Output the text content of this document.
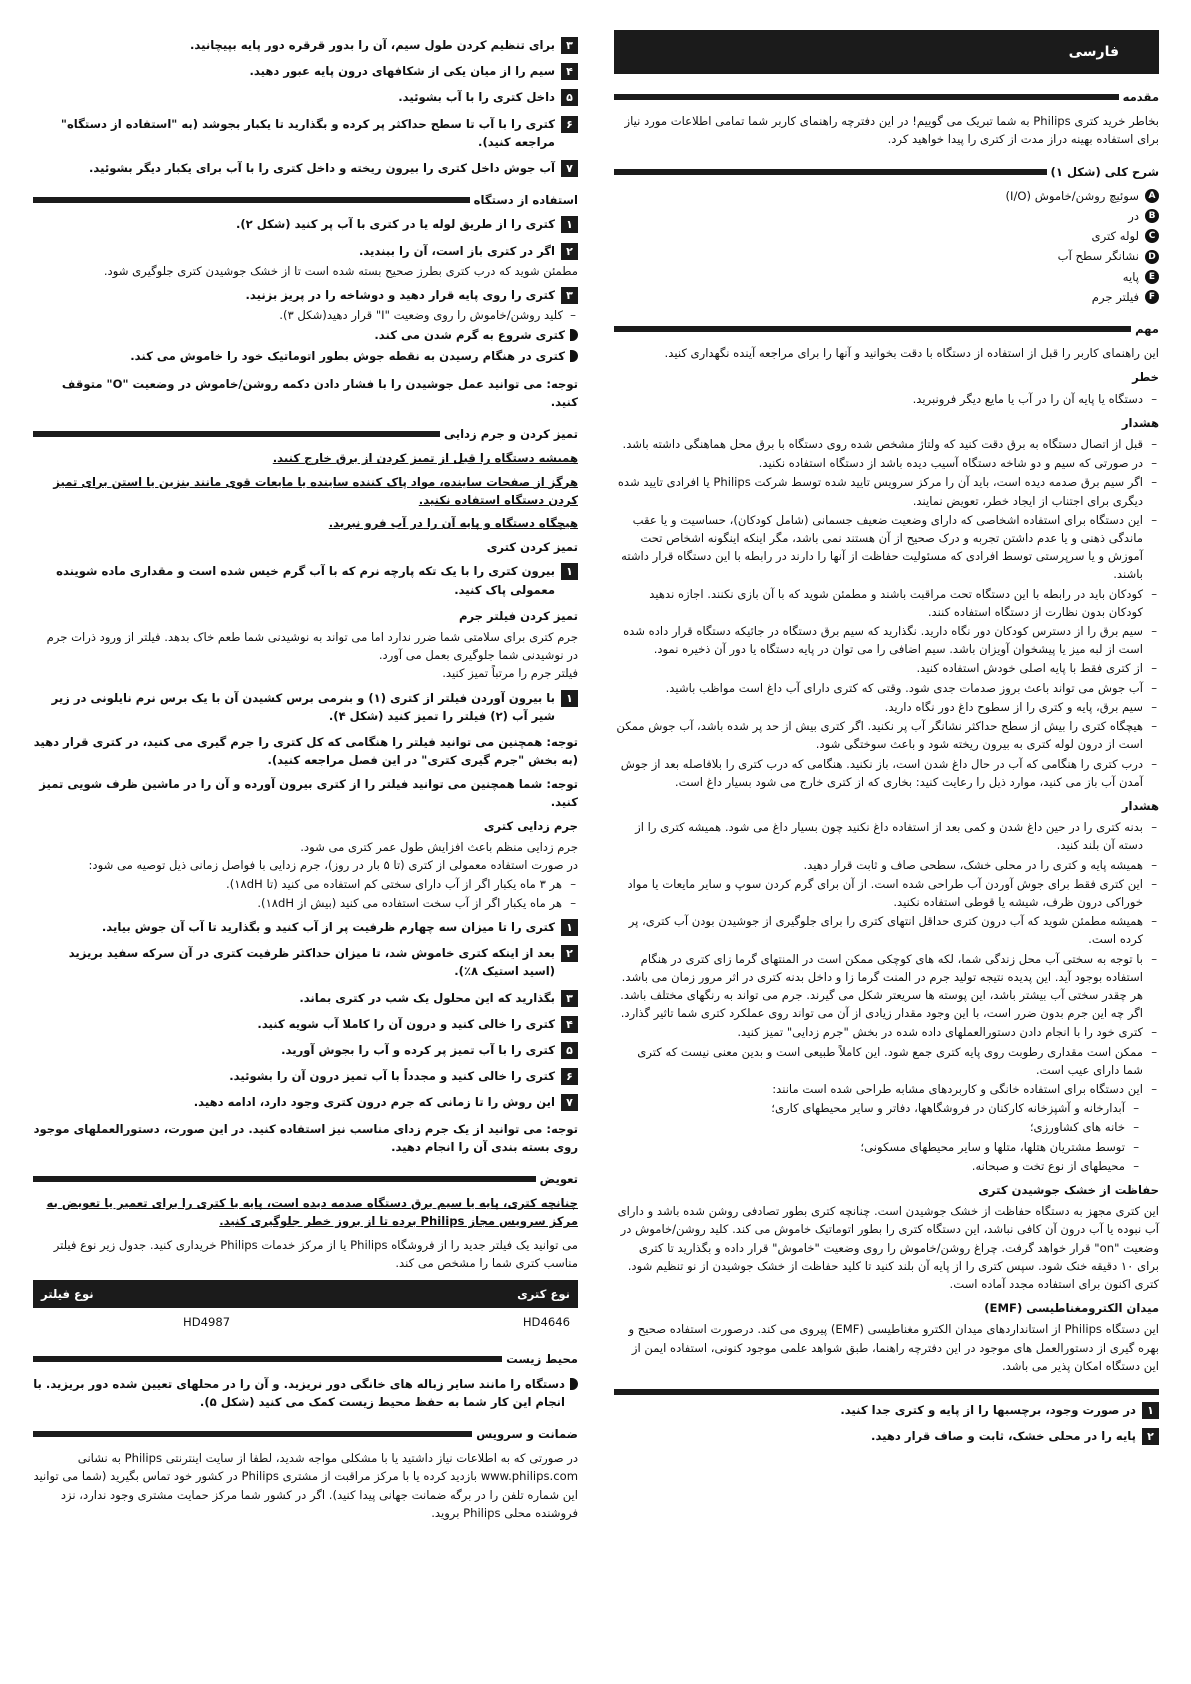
فارسی
مقدمه

بخاطر خرید کتری Philips به شما تبریک می گوییم! در این دفترچه راهنمای کاربر شما تمامی اطلاعات مورد نیاز برای استفاده بهینه دراز مدت از کتری را پیدا خواهید کرد.

شرح کلی (شکل ۱)
A
سوئیچ روشن/خاموش (I/O)
B
در
C
لوله کتری
D
نشانگر سطح آب
E
پایه
F
فیلتر جرم
مهم

این راهنمای کاربر را قبل از استفاده از دستگاه با دقت بخوانید و آنها را برای مراجعه آینده نگهداری کنید.

خطر
– دستگاه یا پایه آن را در آب یا مایع دیگر فرونبرید.
هشدار
– قبل از اتصال دستگاه به برق دقت کنید که ولتاژ مشخص شده روی دستگاه با برق محل هماهنگی داشته باشد.
– در صورتی که سیم و دو شاخه دستگاه آسیب دیده باشد از دستگاه استفاده نکنید.
– اگر سیم برق صدمه دیده است، باید آن را مرکز سرویس تایید شده توسط شرکت Philips یا افرادی تایید شده دیگری برای اجتناب از ایجاد خطر، تعویض نمایند.
– این دستگاه برای استفاده اشخاصی که دارای وضعیت ضعیف جسمانی (شامل کودکان)، حساسیت و یا عقب ماندگی ذهنی و یا عدم داشتن تجربه و درک صحیح از آن هستند نمی باشد، مگر اینکه اینگونه اشخاص تحت آموزش و یا سرپرستی توسط افرادی که مسئولیت حفاظت از آنها را دارند در رابطه با این دستگاه قرار داشته باشند.
– کودکان باید در رابطه با این دستگاه تحت مراقبت باشند و مطمئن شوید که با آن بازی نکنند. اجازه ندهید کودکان بدون نظارت از دستگاه استفاده کنند.
– سیم برق را از دسترس کودکان دور نگاه دارید. نگذارید که سیم برق دستگاه در جائیکه دستگاه قرار داده شده است از لبه میز یا پیشخوان آویزان باشد. سیم اضافی را می توان در پایه دستگاه یا دور آن ذخیره نمود.
– از کتری فقط با پایه اصلی خودش استفاده کنید.
– آب جوش می تواند باعث بروز صدمات جدی شود. وقتی که کتری دارای آب داغ است مواظب باشید.
– سیم برق، پایه و کتری را از سطوح داغ دور نگاه دارید.
– هیچگاه کتری را بیش از سطح حداکثر نشانگر آب پر نکنید. اگر کتری بیش از حد پر شده باشد، آب جوش ممکن است از درون لوله کتری به بیرون ریخته شود و باعث سوختگی شود.
– درب کتری را هنگامی که آب در حال داغ شدن است، باز نکنید. هنگامی که درب کتری را بلافاصله بعد از جوش آمدن آب باز می کنید، موارد ذیل را رعایت کنید: بخاری که از کتری خارج می شود بسیار داغ است.
هشدار
– بدنه کتری را در حین داغ شدن و کمی بعد از استفاده داغ نکنید چون بسیار داغ می شود. همیشه کتری را از دسته آن بلند کنید.
– همیشه پایه و کتری را در محلی خشک، سطحی صاف و ثابت قرار دهید.
– این کتری فقط برای جوش آوردن آب طراحی شده است. از آن برای گرم کردن سوپ و سایر مایعات یا مواد خوراکی درون ظرف، شیشه یا قوطی استفاده نکنید.
– همیشه مطمئن شوید که آب درون کتری حداقل انتهای کتری را برای جلوگیری از جوشیدن بودن آب کتری، پر کرده است.
– با توجه به سختی آب محل زندگی شما، لکه های کوچکی ممکن است در المنتهای گرما زای کتری در هنگام استفاده بوجود آید. این پدیده نتیجه تولید جرم در المنت گرما زا و داخل بدنه کتری در اثر مرور زمان می باشد. هر چقدر سختی آب بیشتر باشد، این پوسته ها سریعتر شکل می گیرند. جرم می تواند به رنگهای مختلف باشد. اگر چه این جرم بدون ضرر است، با این وجود مقدار زیادی از آن می تواند روی عملکرد کتری شما تاثیر گذارد.
– کتری خود را با انجام دادن دستورالعملهای داده شده در بخش "جرم زدایی" تمیز کنید.
– ممکن است مقداری رطوبت روی پایه کتری جمع شود. این کاملاً طبیعی است و بدین معنی نیست که کتری شما دارای عیب است.
– این دستگاه برای استفاده خانگی و کاربردهای مشابه طراحی شده است مانند:
– آبدارخانه و آشپزخانه کارکنان در فروشگاهها، دفاتر و سایر محیطهای کاری؛
– خانه های کشاورزی؛
– توسط مشتریان هتلها، متلها و سایر محیطهای مسکونی؛
– محیطهای از نوع تخت و صبحانه.
حفاظت از خشک جوشیدن کتری

این کتری مجهز به دستگاه حفاظت از خشک جوشیدن است. چنانچه کتری بطور تصادفی روشن شده باشد و دارای آب نبوده یا آب درون آن کافی نباشد، این دستگاه کتری را بطور اتوماتیک خاموش می کند. کلید روشن/خاموش در وضعیت "on" قرار خواهد گرفت. چراغ روشن/خاموش را روی وضعیت "خاموش" قرار داده و بگذارید تا کتری برای ۱۰ دقیقه خنک شود. سپس کتری را از پایه آن بلند کنید تا کلید حفاظت از خشک جوشیدن از نو تنظیم شود. کتری اکنون برای استفاده مجدد آماده است.

میدان الکترومغناطیسی (EMF)

این دستگاه Philips از استانداردهای میدان الکترو مغناطیسی (EMF) پیروی می کند. درصورت استفاده صحیح و بهره گیری از دستورالعمل های موجود در این دفترچه راهنما، طبق شواهد علمی موجود کنونی، استفاده ایمن از این دستگاه امکان پذیر می باشد.

۱
در صورت وجود، برچسبها را از پایه و کتری جدا کنید.
۲
پایه را در محلی خشک، ثابت و صاف قرار دهید.
۳
برای تنظیم کردن طول سیم، آن را بدور قرقره دور پایه بپیچانید.
۴
سیم را از میان یکی از شکافهای درون پایه عبور دهید.
۵
داخل کتری را با آب بشوئید.
۶
کتری را با آب تا سطح حداکثر پر کرده و بگذارید تا یکبار بجوشد (به "استفاده از دستگاه" مراجعه کنید).
۷
آب جوش داخل کتری را بیرون ریخته و داخل کتری را با آب برای یکبار دیگر بشوئید.
استفاده از دستگاه
۱
کتری را از طریق لوله یا در کتری با آب پر کنید (شکل ۲).
۲
اگر در کتری باز است، آن را ببندید.

مطمئن شوید که درب کتری بطرز صحیح بسته شده است تا از خشک جوشیدن کتری جلوگیری شود.

۳
کتری را روی پایه قرار دهید و دوشاخه را در پریز بزنید.
–
کلید روشن/خاموش را روی وضعیت "I" قرار دهید(شکل ۳).
کتری شروع به گرم شدن می کند.
کتری در هنگام رسیدن به نقطه جوش بطور اتوماتیک خود را خاموش می کند.

توجه: می توانید عمل جوشیدن را با فشار دادن دکمه روشن/خاموش در وضعیت "O" متوقف کنید.

تمیز کردن و جرم زدایی

همیشه دستگاه را قبل از تمیز کردن از برق خارج کنید.

هرگز از صفحات ساینده، مواد پاک کننده ساینده یا مایعات قوی مانند بنزین یا استن برای تمیز کردن دستگاه استفاده نکنید.

هیچگاه دستگاه و پایه آن را در آب فرو نبرید.

تمیز کردن کتری
۱
بیرون کتری را با یک تکه پارچه نرم که با آب گرم خیس شده است و مقداری ماده شوینده معمولی پاک کنید.
تمیز کردن فیلتر جرم

جرم کتری برای سلامتی شما ضرر ندارد اما می تواند به نوشیدنی شما طعم خاک بدهد. فیلتر از ورود ذرات جرم در نوشیدنی شما جلوگیری بعمل می آورد.

فیلتر جرم را مرتباً تمیز کنید.

۱
با بیرون آوردن فیلتر از کتری (۱) و بنرمی برس کشیدن آن با یک برس نرم نایلونی در زیر شیر آب (۲) فیلتر را تمیز کنید (شکل ۴).

توجه: همچنین می توانید فیلتر را هنگامی که کل کتری را جرم گیری می کنید، در کتری قرار دهید (به بخش "جرم گیری کتری" در این فصل مراجعه کنید).

توجه: شما همچنین می توانید فیلتر را از کتری بیرون آورده و آن را در ماشین ظرف شویی تمیز کنید.

جرم زدایی کتری

جرم زدایی منظم باعث افزایش طول عمر کتری می شود.

در صورت استفاده معمولی از کتری (تا ۵ بار در روز)، جرم زدایی با فواصل زمانی ذیل توصیه می شود:

– هر ۳ ماه یکبار اگر از آب دارای سختی کم استفاده می کنید (تا ۱۸dH).
– هر ماه یکبار اگر از آب سخت استفاده می کنید (بیش از ۱۸dH).
۱
کتری را تا میزان سه چهارم ظرفیت پر از آب کنید و بگذارید تا آب آن جوش بیاید.
۲
بعد از اینکه کتری خاموش شد، تا میزان حداکثر ظرفیت کتری در آن سرکه سفید بریزید (اسید استیک ۸٪).
۳
بگذارید که این محلول یک شب در کتری بماند.
۴
کتری را خالی کنید و درون آن را کاملا آب شویه کنید.
۵
کتری را با آب تمیز پر کرده و آب را بجوش آورید.
۶
کتری را خالی کنید و مجدداً با آب تمیز درون آن را بشوئید.
۷
این روش را تا زمانی که جرم درون کتری وجود دارد، ادامه دهید.

توجه: می توانید از یک جرم زدای مناسب نیز استفاده کنید. در این صورت، دستورالعملهای موجود روی بسته بندی آن را انجام دهید.

تعویض

چنانچه کتری، پایه یا سیم برق دستگاه صدمه دیده است، پایه یا کتری را برای تعمیر یا تعویض به مرکز سرویس مجاز Philips برده تا از بروز خطر جلوگیری کنید.

می توانید یک فیلتر جدید را از فروشگاه Philips یا از مرکز خدمات Philips خریداری کنید. جدول زیر نوع فیلتر مناسب کتری شما را مشخص می کند.

نوع کتری	نوع فیلتر
HD4646	HD4987
محیط زیست
دستگاه را مانند سایر زباله های خانگی دور نریزید. و آن را در محلهای تعیین شده دور بریزید. با انجام این کار شما به حفظ محیط زیست کمک می کنید (شکل ۵).
ضمانت و سرویس

در صورتی که به اطلاعات نیاز داشتید یا با مشکلی مواجه شدید، لطفا از سایت اینترنتی Philips به نشانی www.philips.com بازدید کرده یا با مرکز مراقبت از مشتری Philips در کشور خود تماس بگیرید (شما می توانید این شماره تلفن را در برگه ضمانت جهانی پیدا کنید). اگر در کشور شما مرکز حمایت مشتری وجود ندارد، نزد فروشنده محلی Philips بروید.
